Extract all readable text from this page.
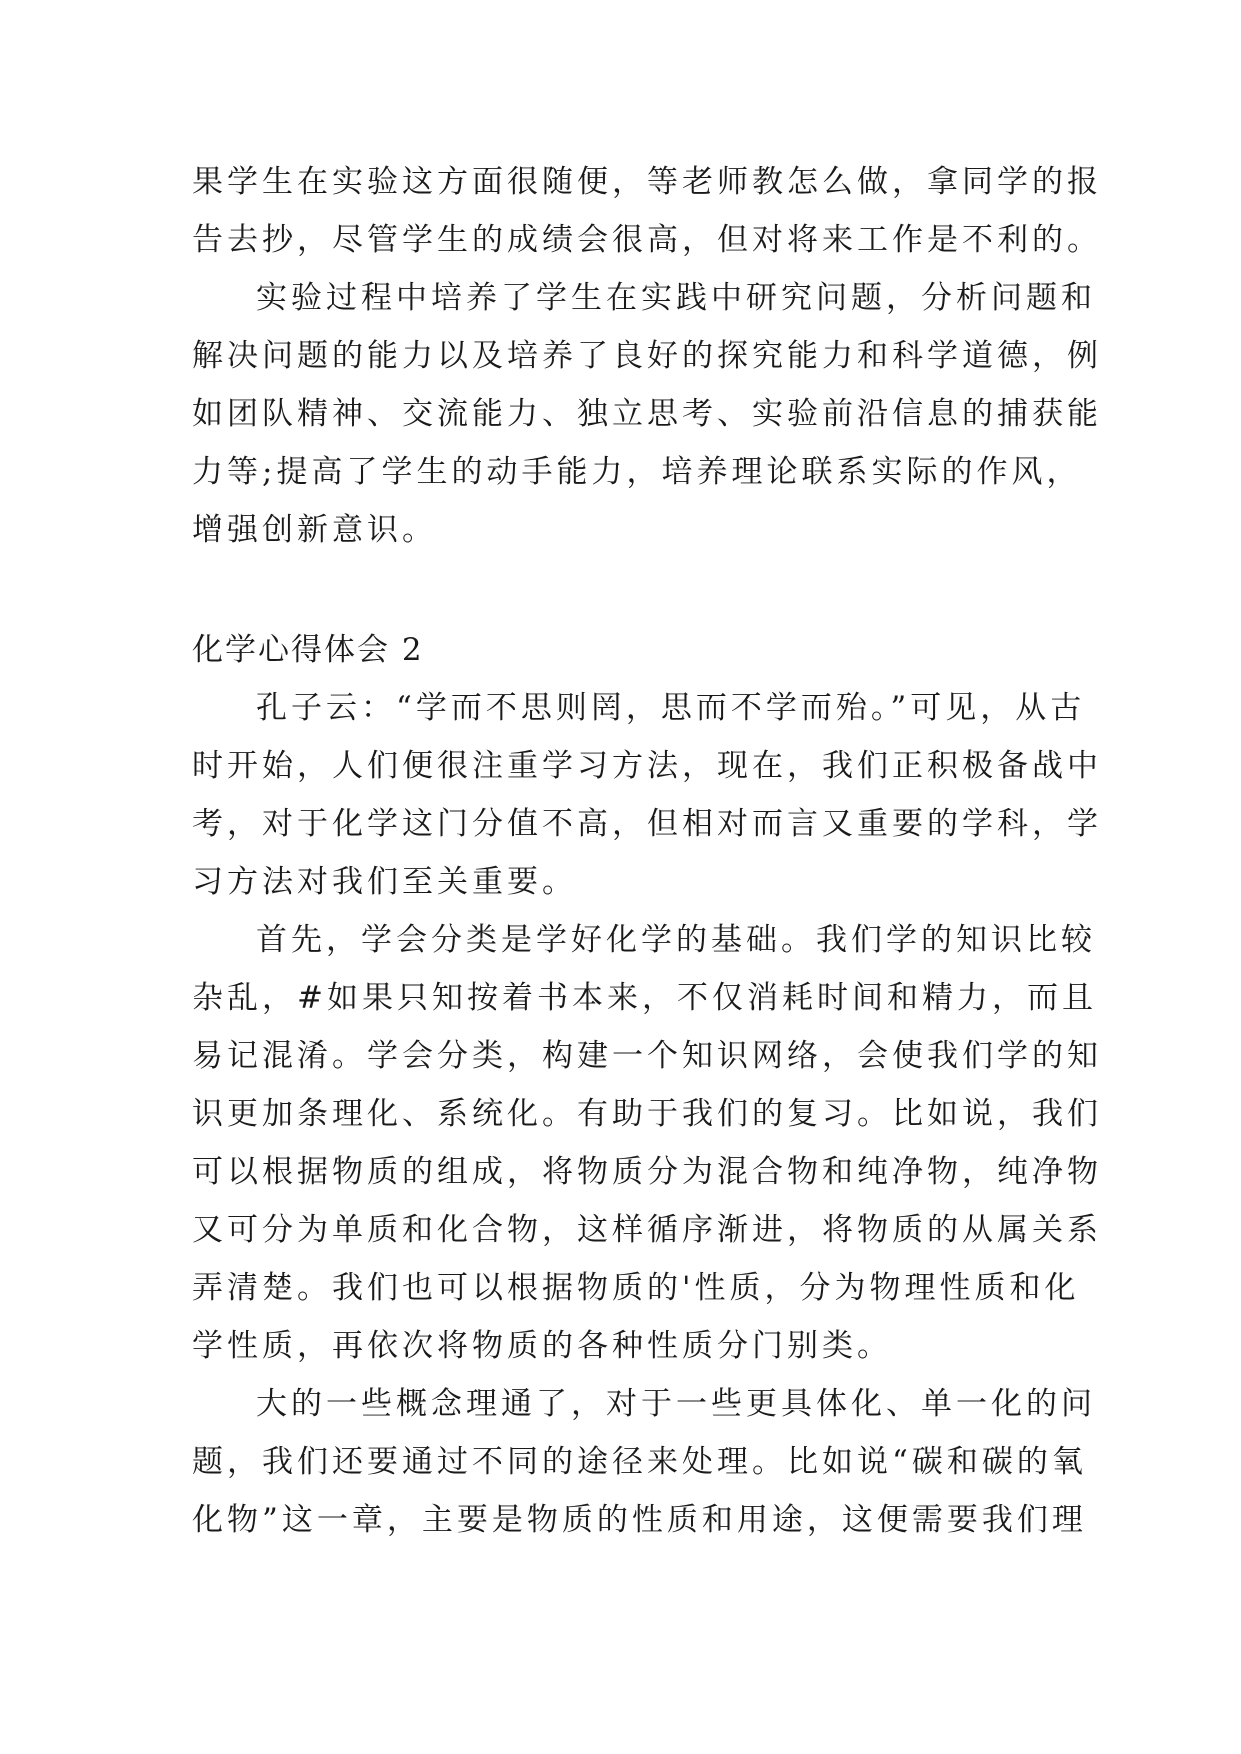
果学生在实验这方面很随便，等老师教怎么做，拿同学的报
告去抄，尽管学生的成绩会很高，但对将来工作是不利的。
实验过程中培养了学生在实践中研究问题，分析问题和
解决问题的能力以及培养了良好的探究能力和科学道德，例
如团队精神、交流能力、独立思考、实验前沿信息的捕获能
力等;提高了学生的动手能力，培养理论联系实际的作风，
增强创新意识。
化学心得体会 2
孔子云：“学而不思则罔，思而不学而殆。”可见，从古
时开始，人们便很注重学习方法，现在，我们正积极备战中
考，对于化学这门分值不高，但相对而言又重要的学科，学
习方法对我们至关重要。
首先，学会分类是学好化学的基础。我们学的知识比较
杂乱，#如果只知按着书本来，不仅消耗时间和精力，而且
易记混淆。学会分类，构建一个知识网络，会使我们学的知
识更加条理化、系统化。有助于我们的复习。比如说，我们
可以根据物质的组成，将物质分为混合物和纯净物，纯净物
又可分为单质和化合物，这样循序渐进，将物质的从属关系
弄清楚。我们也可以根据物质的'性质，分为物理性质和化
学性质，再依次将物质的各种性质分门别类。
大的一些概念理通了，对于一些更具体化、单一化的问
题，我们还要通过不同的途径来处理。比如说“碳和碳的氧
化物”这一章，主要是物质的性质和用途，这便需要我们理
